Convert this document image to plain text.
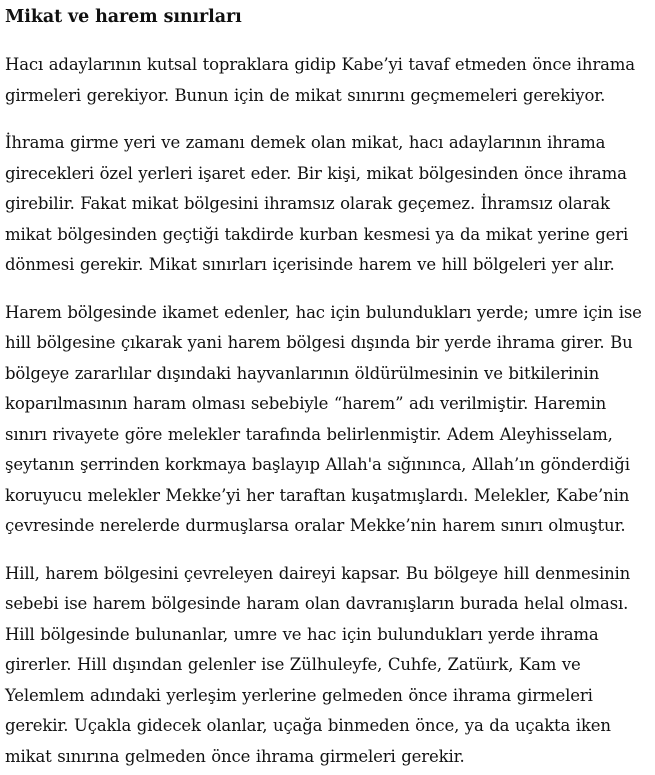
Mikat ve harem sınırları

Hacı adaylarının kutsal topraklara gidip Kabe’yi tavaf etmeden önce ihrama girmeleri gerekiyor. Bunun için de mikat sınırını geçmemeleri gerekiyor.

İhrama girme yeri ve zamanı demek olan mikat, hacı adaylarının ihrama girecekleri özel yerleri işaret eder. Bir kişi, mikat bölgesinden önce ihrama girebilir. Fakat mikat bölgesini ihramsız olarak geçemez. İhramsız olarak mikat bölgesinden geçtiği takdirde kurban kesmesi ya da mikat yerine geri dönmesi gerekir. Mikat sınırları içerisinde harem ve hill bölgeleri yer alır.

Harem bölgesinde ikamet edenler, hac için bulundukları yerde; umre için ise hill bölgesine çıkarak yani harem bölgesi dışında bir yerde ihrama girer. Bu bölgeye zararlılar dışındaki hayvanlarının öldürülmesinin ve bitkilerinin koparılmasının haram olması sebebiyle “harem” adı verilmiştir. Haremin sınırı rivayete göre melekler tarafında belirlenmiştir. Adem Aleyhisselam, şeytanın şerrinden korkmaya başlayıp Allah'a sığınınca, Allah’ın gönderdiği koruyucu melekler Mekke’yi her taraftan kuşatmışlardı. Melekler, Kabe’nin çevresinde nerelerde durmuşlarsa oralar Mekke’nin harem sınırı olmuştur.

Hill, harem bölgesini çevreleyen daireyi kapsar. Bu bölgeye hill denmesinin sebebi ise harem bölgesinde haram olan davranışların burada helal olması. Hill bölgesinde bulunanlar, umre ve hac için bulundukları yerde ihrama girerler. Hill dışından gelenler ise Zülhuleyfe, Cuhfe, Zatüırk, Kam ve Yelemlem adındaki yerleşim yerlerine gelmeden önce ihrama girmeleri gerekir. Uçakla gidecek olanlar, uçağa binmeden önce, ya da uçakta iken mikat sınırına gelmeden önce ihrama girmeleri gerekir.
